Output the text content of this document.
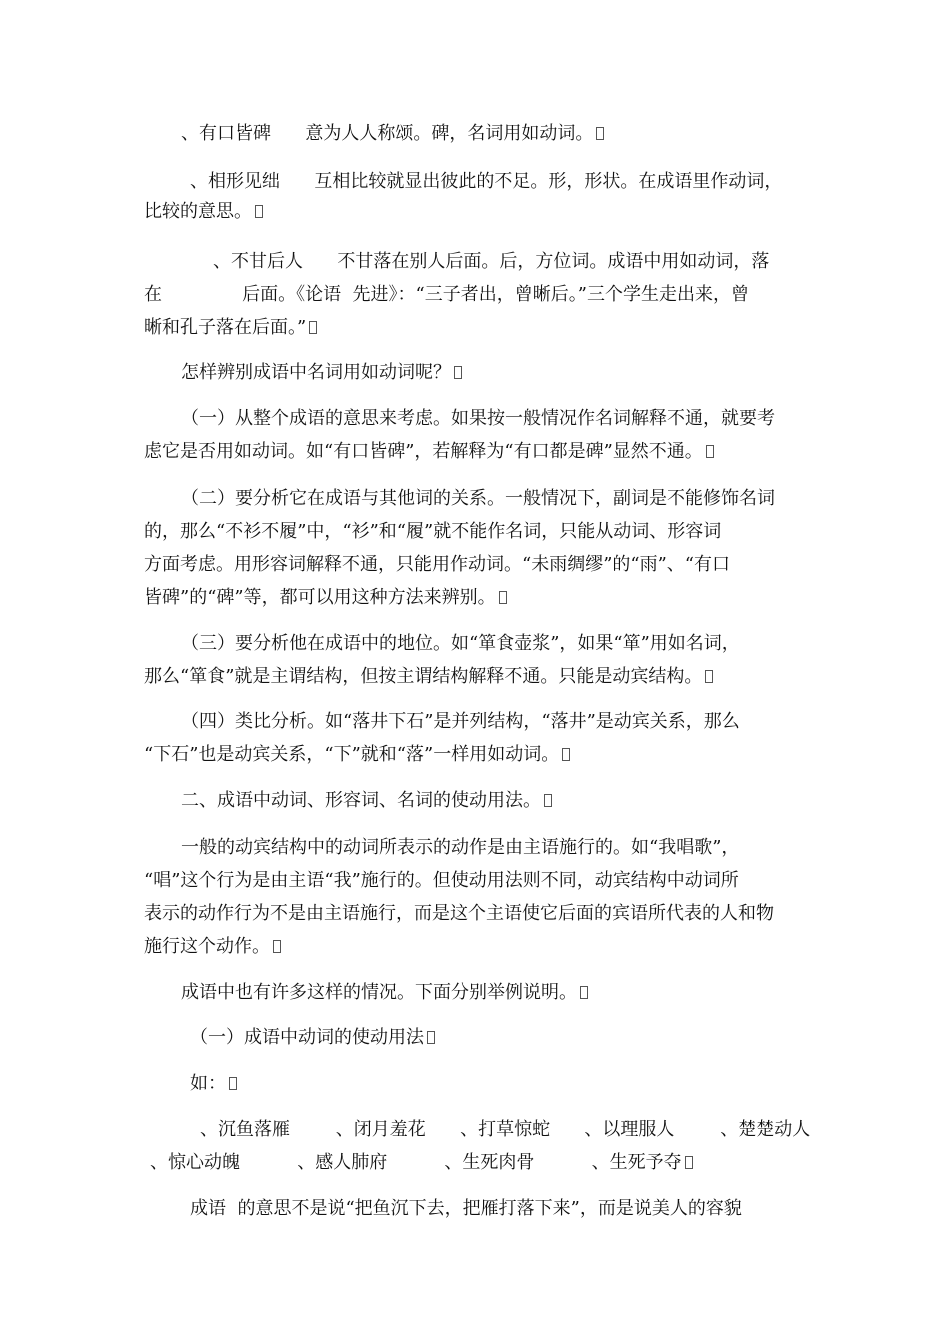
、有口皆碑      意为人人称颂。碑，名词用如动词。
、相形见绌      互相比较就显出彼此的不足。形，形状。在成语里作动词，
比较的意思。
、不甘后人      不甘落在别人后面。后，方位词。成语中用如动词，落
在              后面。《论语  先进》：“三子者出，曾晰后。”三个学生走出来，曾
晰和孔子落在后面。”
怎样辨别成语中名词用如动词呢？
（一）从整个成语的意思来考虑。如果按一般情况作名词解释不通，就要考
虑它是否用如动词。如“有口皆碑”，若解释为“有口都是碑”显然不通。
（二）要分析它在成语与其他词的关系。一般情况下，副词是不能修饰名词
的，那么“不衫不履”中，“衫”和“履”就不能作名词，只能从动词、形容词
方面考虑。用形容词解释不通，只能用作动词。“未雨绸缪”的“雨”、“有口
皆碑”的“碑”等，都可以用这种方法来辨别。
（三）要分析他在成语中的地位。如“箪食壶浆”，如果“箪”用如名词，
那么“箪食”就是主谓结构，但按主谓结构解释不通。只能是动宾结构。
（四）类比分析。如“落井下石”是并列结构，“落井”是动宾关系，那么
“下石”也是动宾关系，“下”就和“落”一样用如动词。
二、成语中动词、形容词、名词的使动用法。
一般的动宾结构中的动词所表示的动作是由主语施行的。如“我唱歌”，
“唱”这个行为是由主语“我”施行的。但使动用法则不同，动宾结构中动词所
表示的动作行为不是由主语施行，而是这个主语使它后面的宾语所代表的人和物
施行这个动作。
成语中也有许多这样的情况。下面分别举例说明。
（一）成语中动词的使动用法
如：
、沉鱼落雁        、闭月羞花      、打草惊蛇      、以理服人        、楚楚动人
、惊心动魄          、感人肺府          、生死肉骨          、生死予夺
成语  的意思不是说“把鱼沉下去，把雁打落下来”，而是说美人的容貌
